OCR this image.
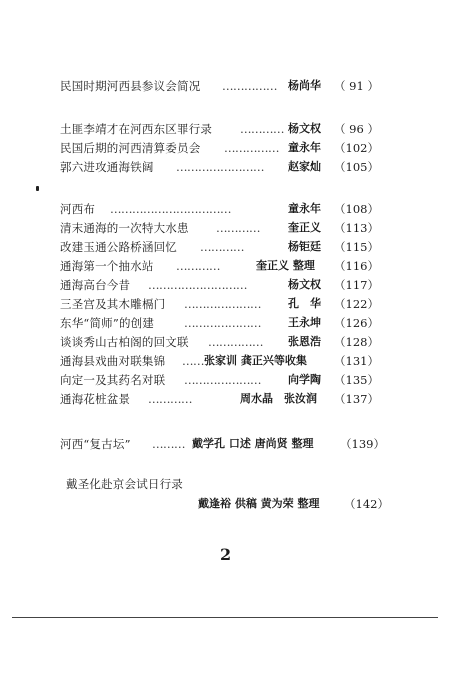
民国时期河西县参议会简况 …………… 杨尚华 （ 91 ）
土匪李靖才在河西东区罪行录 ………… 杨文权 （ 96 ）
民国后期的河西清算委员会 …………… 童永年 （102）
郭六进攻通海铁阔 …………………… 赵家灿 （105）
河西布 ……………………………	童永年 （108）
清末通海的一次特大水患 …………	奎正义 （113）
改建玉通公路桥涵回忆 …………	杨钜廷 （115）
通海第一个抽水站 …………	奎正义 整理 （116）
通海高台今昔 ………………………	杨文权 （117）
三圣宫及其木雕槅门 ………………… 孔　华 （122）
东华“简师”的创建	………………… 王永坤 （126）
谈谈秀山古柏阁的回文联 …………… 张恩浩 （128）
通海县戏曲对联集锦 …… 张家训 龚正兴等收集 （131）
向定一及其药名对联 ………………… 向学陶 （135）
通海花桩盆景 …………	周水晶　张汝润 （137）
河西“复古坛” ……… 戴学孔 口述 唐尚贤 整理 （139）
戴圣化赴京会试日行录
戴逢裕 供稿 黄为荣 整理 （142）
2
